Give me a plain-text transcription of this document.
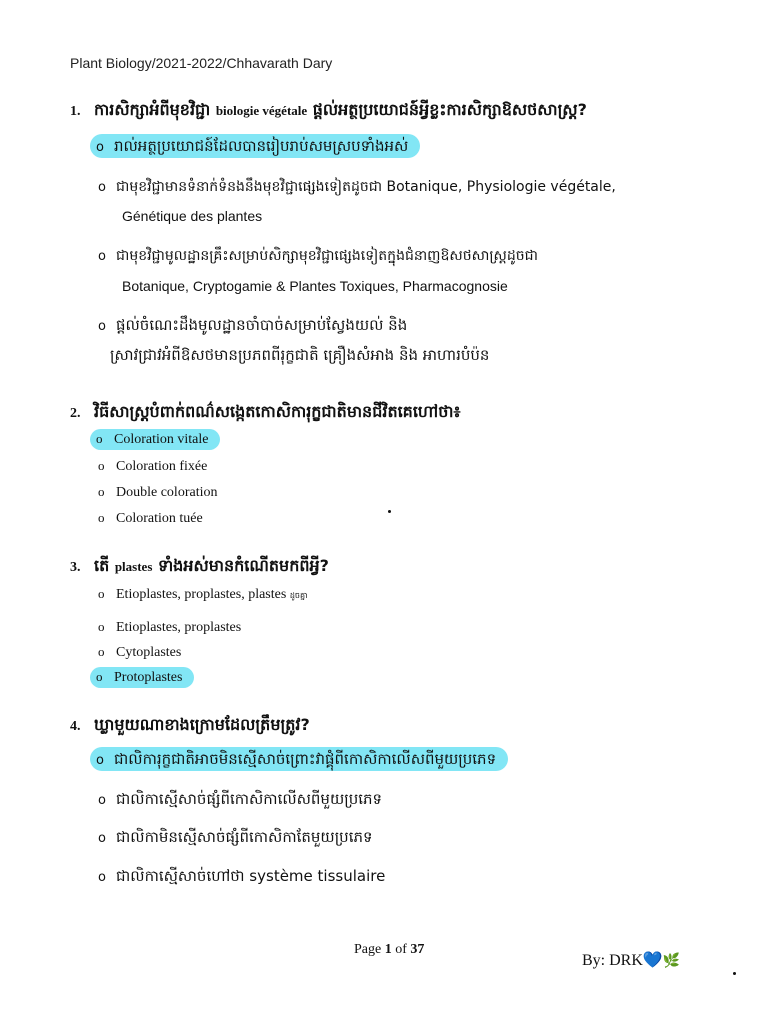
Plant Biology/2021-2022/Chhavarath Dary
1. ការសិក្សាអំពីមុខវិជ្ជា biologie végétale ផ្តល់អត្ថប្រយោជន៍អ្វីខ្លះការសិក្សាឱសថសាស្ត្រ?
o រាល់អត្ថប្រយោជន៍ដែលបានរៀបរាប់សមស្របទាំងអស់
o ជាមុខវិជ្ជាមានទំនាក់ទំនងនឹងមុខវិជ្ជាផ្សេងទៀតដូចជា Botanique, Physiologie végétale,
Génétique des plantes
o ជាមុខវិជ្ជាមូលដ្ឋានគ្រឹះសម្រាប់សិក្សាមុខវិជ្ជាផ្សេងទៀតក្នុងជំនាញឱសថសាស្ត្រដូចជា
Botanique, Cryptogamie & Plantes Toxiques, Pharmacognosie
o ផ្តល់ចំណេះដឹងមូលដ្ឋានចាំបាច់សម្រាប់ស្វែងយល់ និង
ស្រាវជ្រាវអំពីឱសថមានប្រភពពីរុក្ខជាតិ គ្រឿងសំអាង និង អាហារបំប៉ន
2. វិធីសាស្ត្របំពាក់ពណ៌សង្កេតកោសិការុក្ខជាតិមានជីវិតគេហៅថា៖
o Coloration vitale
o Coloration fixée
o Double coloration
o Coloration tuée
3. តើ plastes ទាំងអស់មានកំណើតមកពីអ្វី?
o Etioplastes, proplastes, plastes ដូចគ្នា
o Etioplastes, proplastes
o Cytoplastes
o Protoplastes
4. ឃ្លាមួយណាខាងក្រោមដែលត្រឹមត្រូវ?
o ជាលិការុក្ខជាតិអាចមិនស្មើសាច់ព្រោះវាផ្គុំពីកោសិកាលើសពីមួយប្រភេទ
o ជាលិកាស្មើសាច់ផ្សំពីកោសិកាលើសពីមួយប្រភេទ
o ជាលិកាមិនស្មើសាច់ផ្សំពីកោសិកាតែមួយប្រភេទ
o ជាលិកាស្មើសាច់ហៅថា système tissulaire
Page 1 of 37
By: DRK💙🌿
